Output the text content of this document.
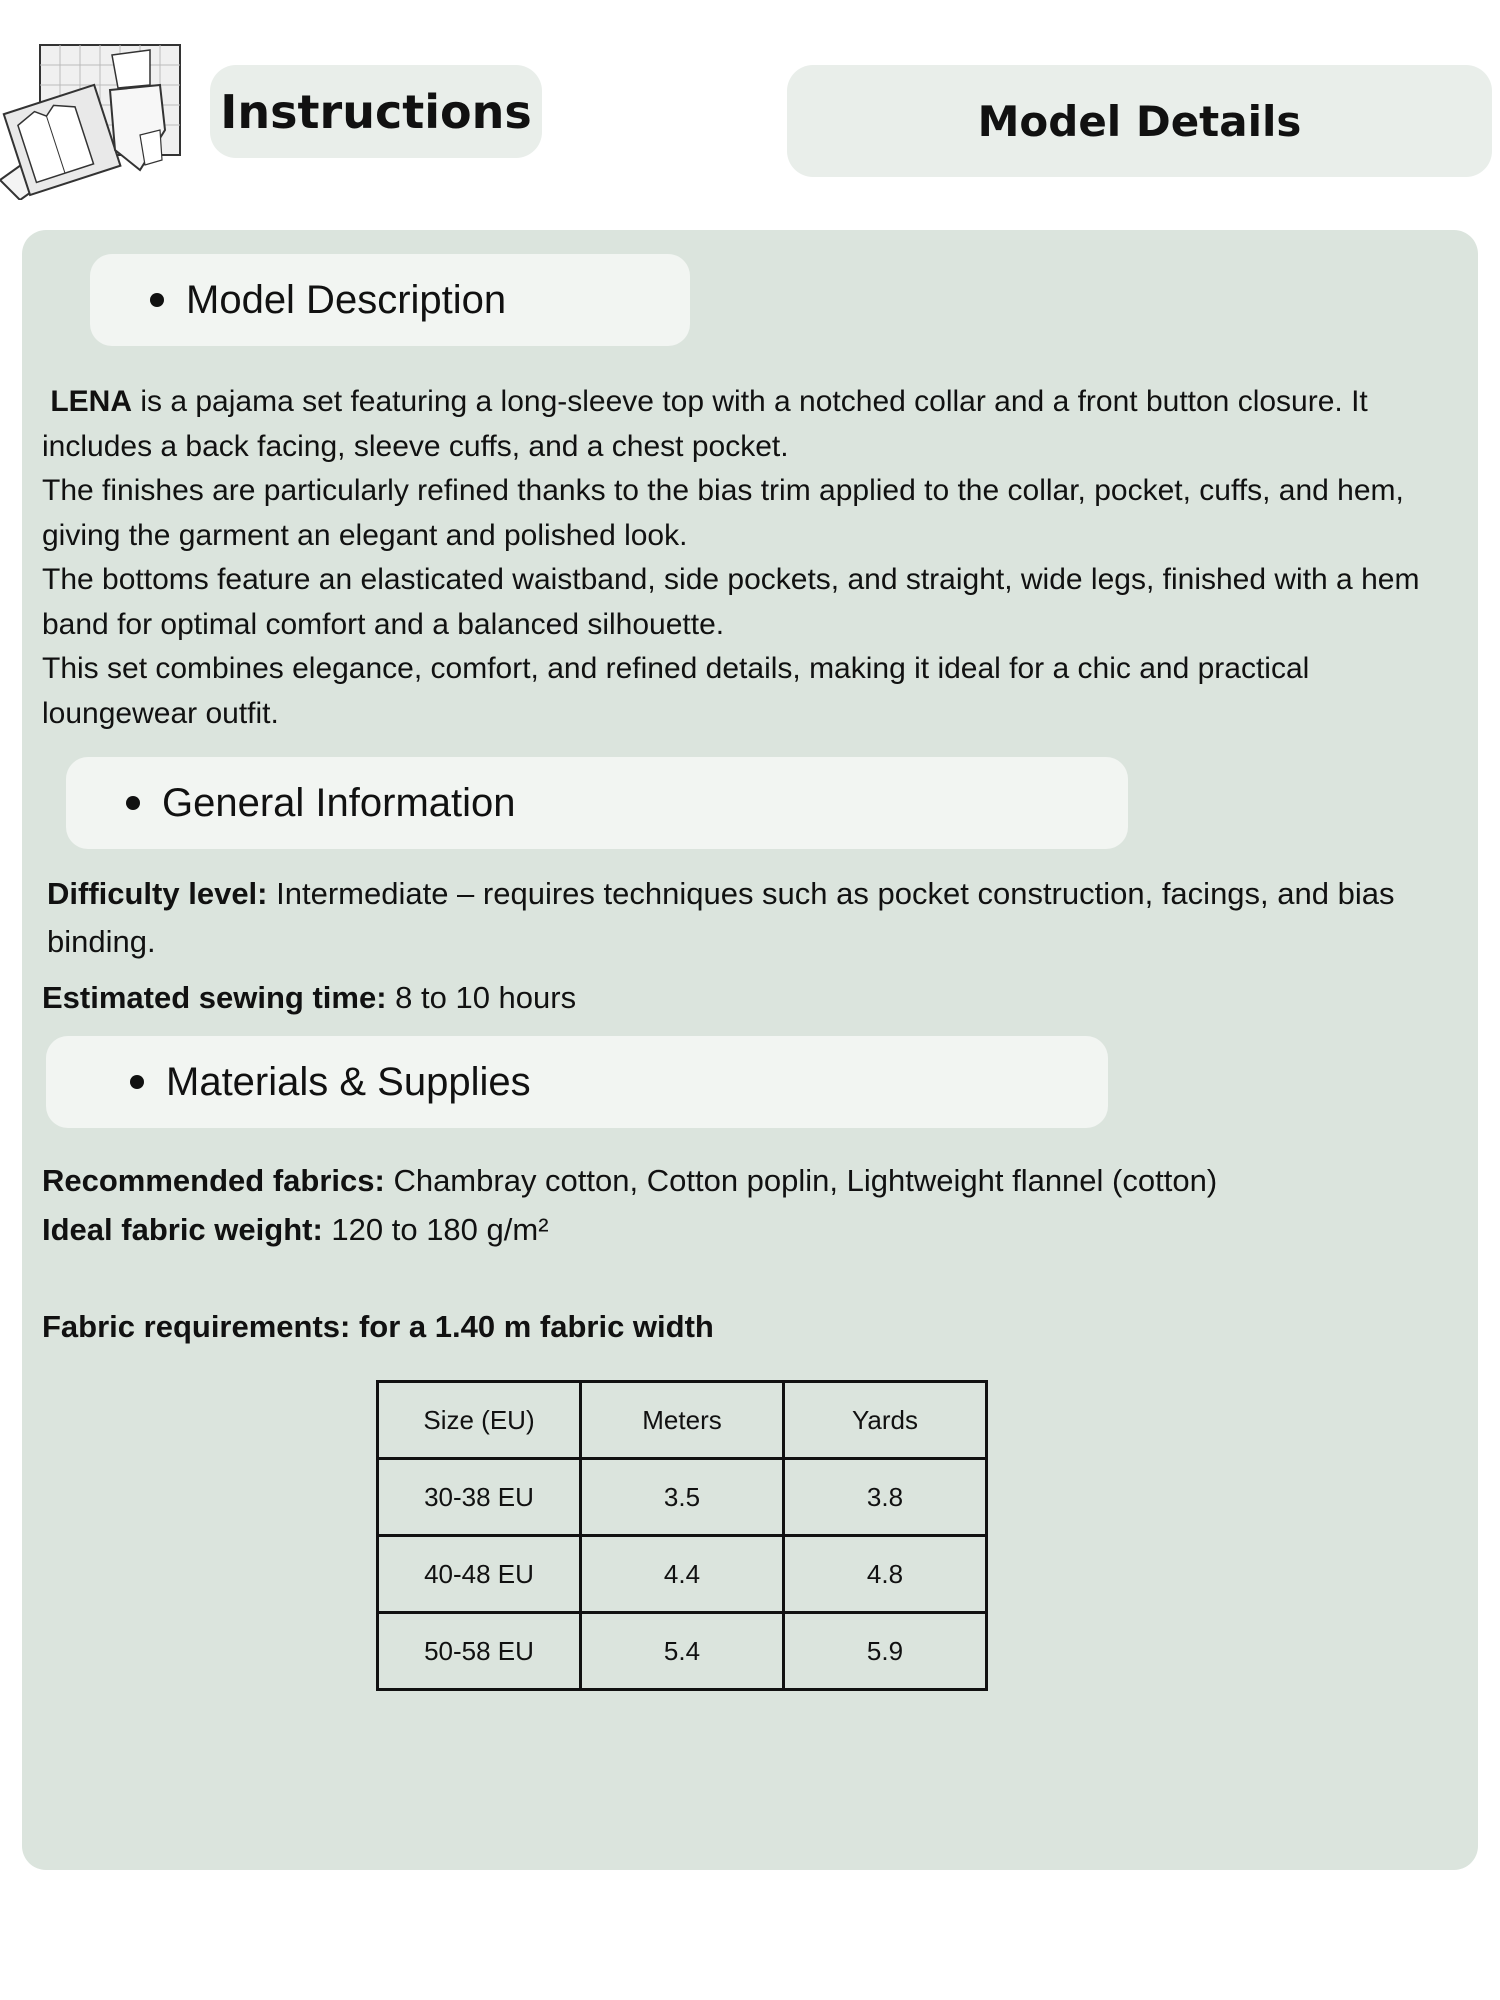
Instructions	Model Details
Model Description

LENA is a pajama set featuring a long-sleeve top with a notched collar and a front button closure. It includes a back facing, sleeve cuffs, and a chest pocket.

The finishes are particularly refined thanks to the bias trim applied to the collar, pocket, cuffs, and hem, giving the garment an elegant and polished look.

The bottoms feature an elasticated waistband, side pockets, and straight, wide legs, finished with a hem band for optimal comfort and a balanced silhouette.

This set combines elegance, comfort, and refined details, making it ideal for a chic and practical loungewear outfit.

General Information
Difficulty level: Intermediate – requires techniques such as pocket construction, facings, and bias binding.
Estimated sewing time: 8 to 10 hours
Materials & Supplies
Recommended fabrics: Chambray cotton, Cotton poplin, Lightweight flannel (cotton)
Ideal fabric weight: 120 to 180 g/m²
Fabric requirements: for a 1.40 m fabric width
Size (EU)	Meters	Yards
30-38 EU	3.5	3.8
40-48 EU	4.4	4.8
50-58 EU	5.4	5.9
